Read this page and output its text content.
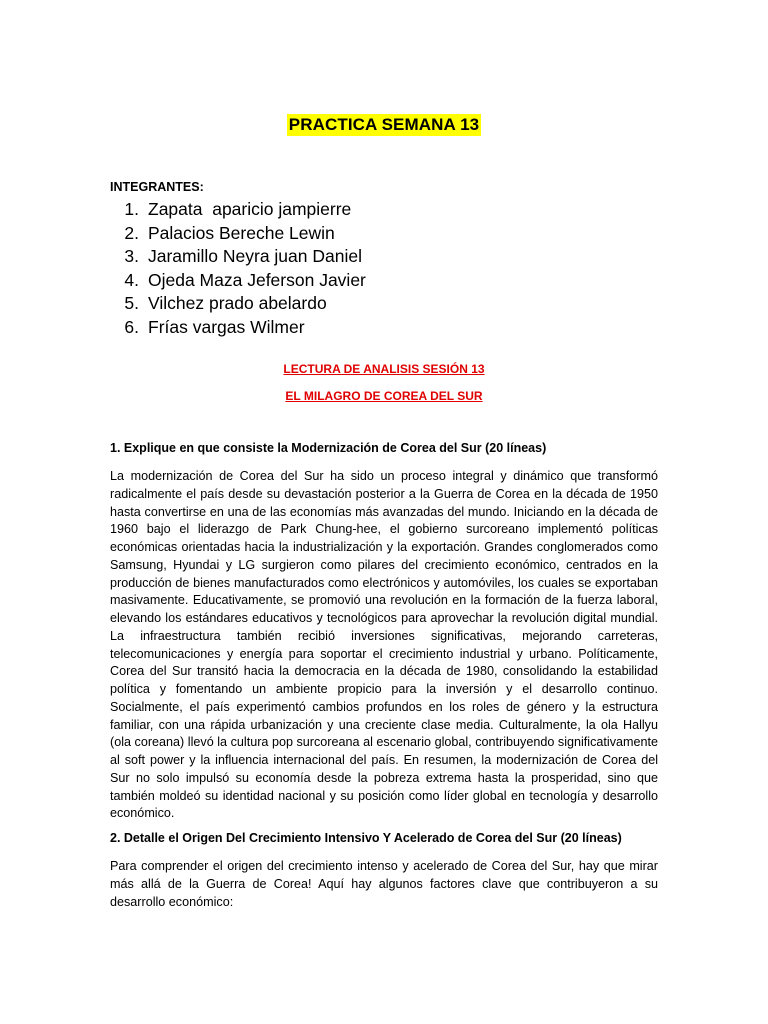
PRACTICA SEMANA 13
INTEGRANTES:
1. Zapata  aparicio jampierre
2. Palacios Bereche Lewin
3. Jaramillo Neyra juan Daniel
4. Ojeda Maza Jeferson Javier
5. Vilchez prado abelardo
6. Frías vargas Wilmer
LECTURA DE ANALISIS SESIÓN 13
EL MILAGRO DE COREA DEL SUR
1. Explique en que consiste la Modernización de Corea del Sur (20 líneas)

La modernización de Corea del Sur ha sido un proceso integral y dinámico que transformó radicalmente el país desde su devastación posterior a la Guerra de Corea en la década de 1950 hasta convertirse en una de las economías más avanzadas del mundo. Iniciando en la década de 1960 bajo el liderazgo de Park Chung-hee, el gobierno surcoreano implementó políticas económicas orientadas hacia la industrialización y la exportación. Grandes conglomerados como Samsung, Hyundai y LG surgieron como pilares del crecimiento económico, centrados en la producción de bienes manufacturados como electrónicos y automóviles, los cuales se exportaban masivamente. Educativamente, se promovió una revolución en la formación de la fuerza laboral, elevando los estándares educativos y tecnológicos para aprovechar la revolución digital mundial. La infraestructura también recibió inversiones significativas, mejorando carreteras, telecomunicaciones y energía para soportar el crecimiento industrial y urbano. Políticamente, Corea del Sur transitó hacia la democracia en la década de 1980, consolidando la estabilidad política y fomentando un ambiente propicio para la inversión y el desarrollo continuo. Socialmente, el país experimentó cambios profundos en los roles de género y la estructura familiar, con una rápida urbanización y una creciente clase media. Culturalmente, la ola Hallyu (ola coreana) llevó la cultura pop surcoreana al escenario global, contribuyendo significativamente al soft power y la influencia internacional del país. En resumen, la modernización de Corea del Sur no solo impulsó su economía desde la pobreza extrema hasta la prosperidad, sino que también moldeó su identidad nacional y su posición como líder global en tecnología y desarrollo económico.

2. Detalle el Origen Del Crecimiento Intensivo Y Acelerado de Corea del Sur (20 líneas)

Para comprender el origen del crecimiento intenso y acelerado de Corea del Sur, hay que mirar más allá de la Guerra de Corea! Aquí hay algunos factores clave que contribuyeron a su desarrollo económico:
